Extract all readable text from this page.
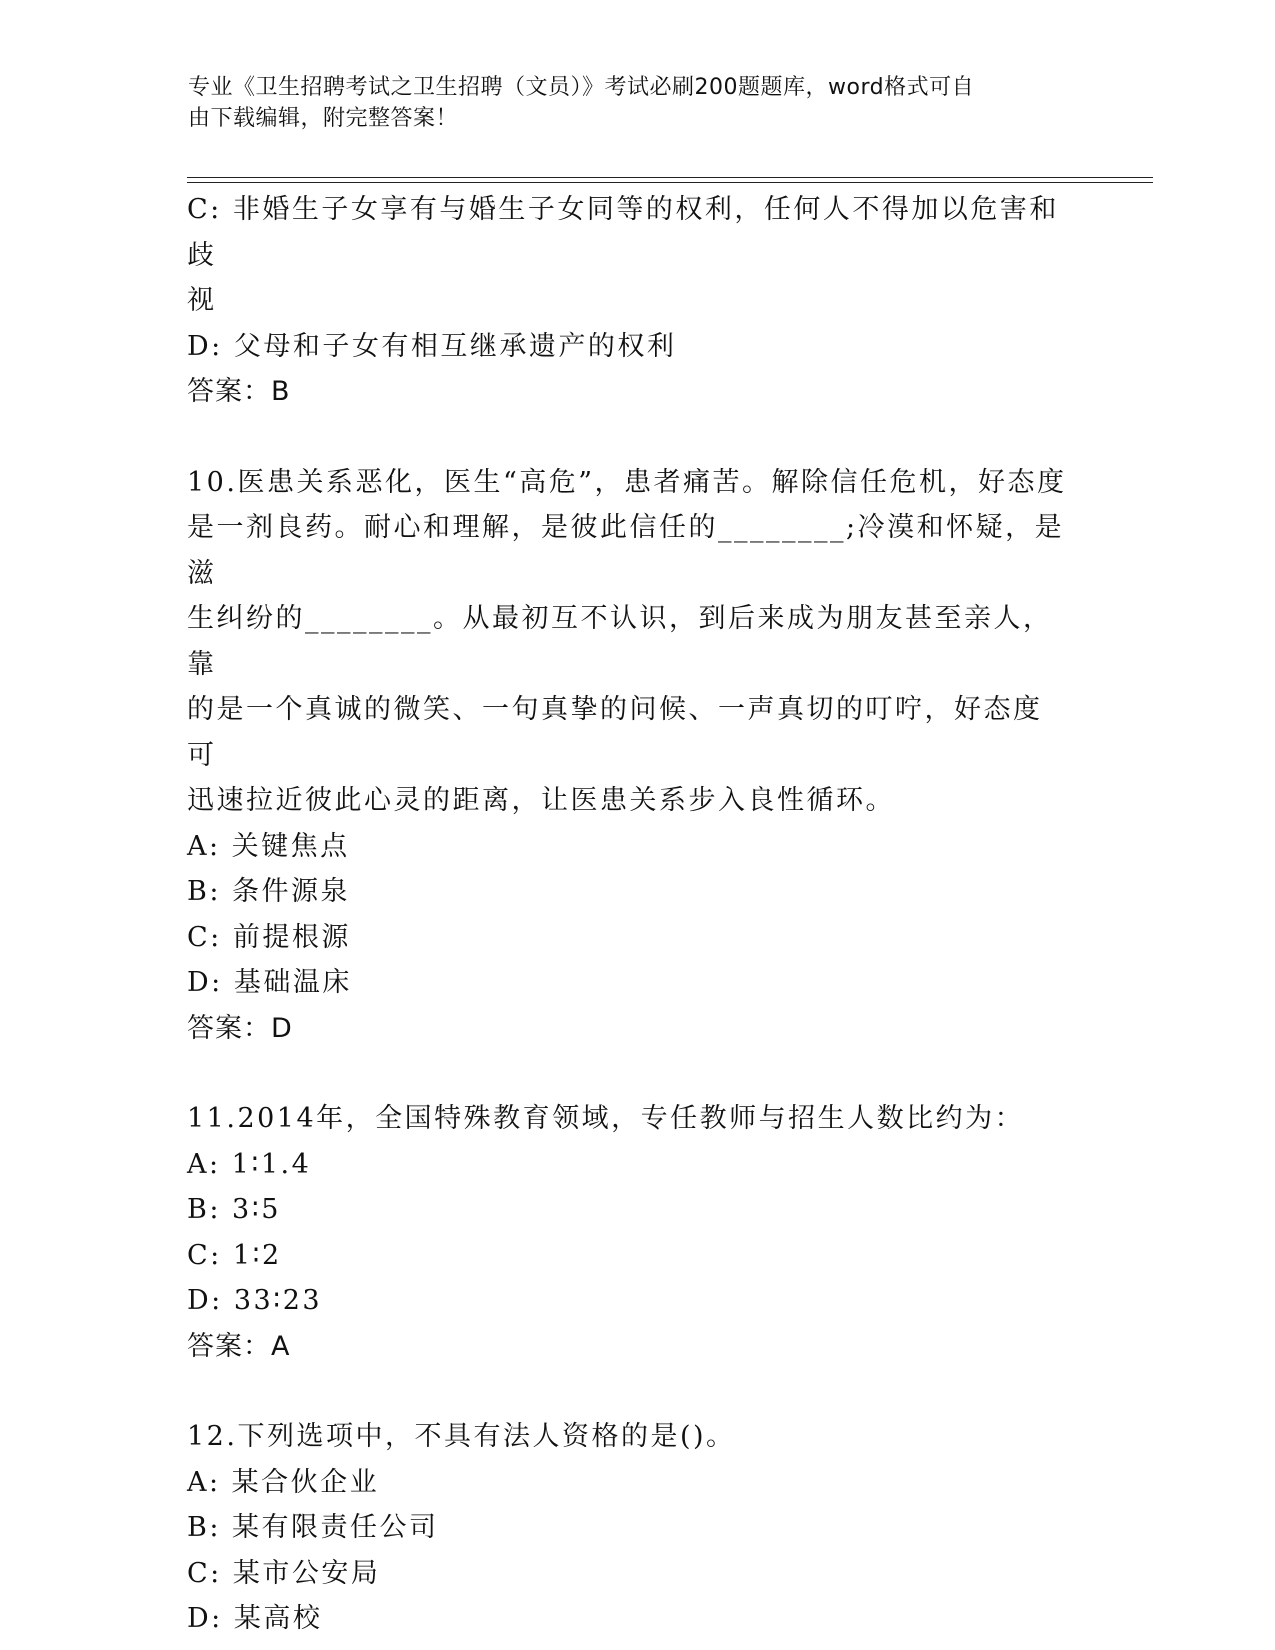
专业《卫生招聘考试之卫生招聘（文员）》考试必刷200题题库，word格式可自
由下载编辑，附完整答案！
C: 非婚生子女享有与婚生子女同等的权利，任何人不得加以危害和歧
视
D: 父母和子女有相互继承遗产的权利
答案：B
10.医患关系恶化，医生“高危”，患者痛苦。解除信任危机，好态度
是一剂良药。耐心和理解，是彼此信任的________;冷漠和怀疑，是滋
生纠纷的________。从最初互不认识，到后来成为朋友甚至亲人，靠
的是一个真诚的微笑、一句真挚的问候、一声真切的叮咛，好态度可
迅速拉近彼此心灵的距离，让医患关系步入良性循环。
A: 关键焦点
B: 条件源泉
C: 前提根源
D: 基础温床
答案：D
11.2014年，全国特殊教育领域，专任教师与招生人数比约为：
A: 1∶1.4
B: 3∶5
C: 1∶2
D: 33∶23
答案：A
12.下列选项中，不具有法人资格的是()。
A: 某合伙企业
B: 某有限责任公司
C: 某市公安局
D: 某高校
